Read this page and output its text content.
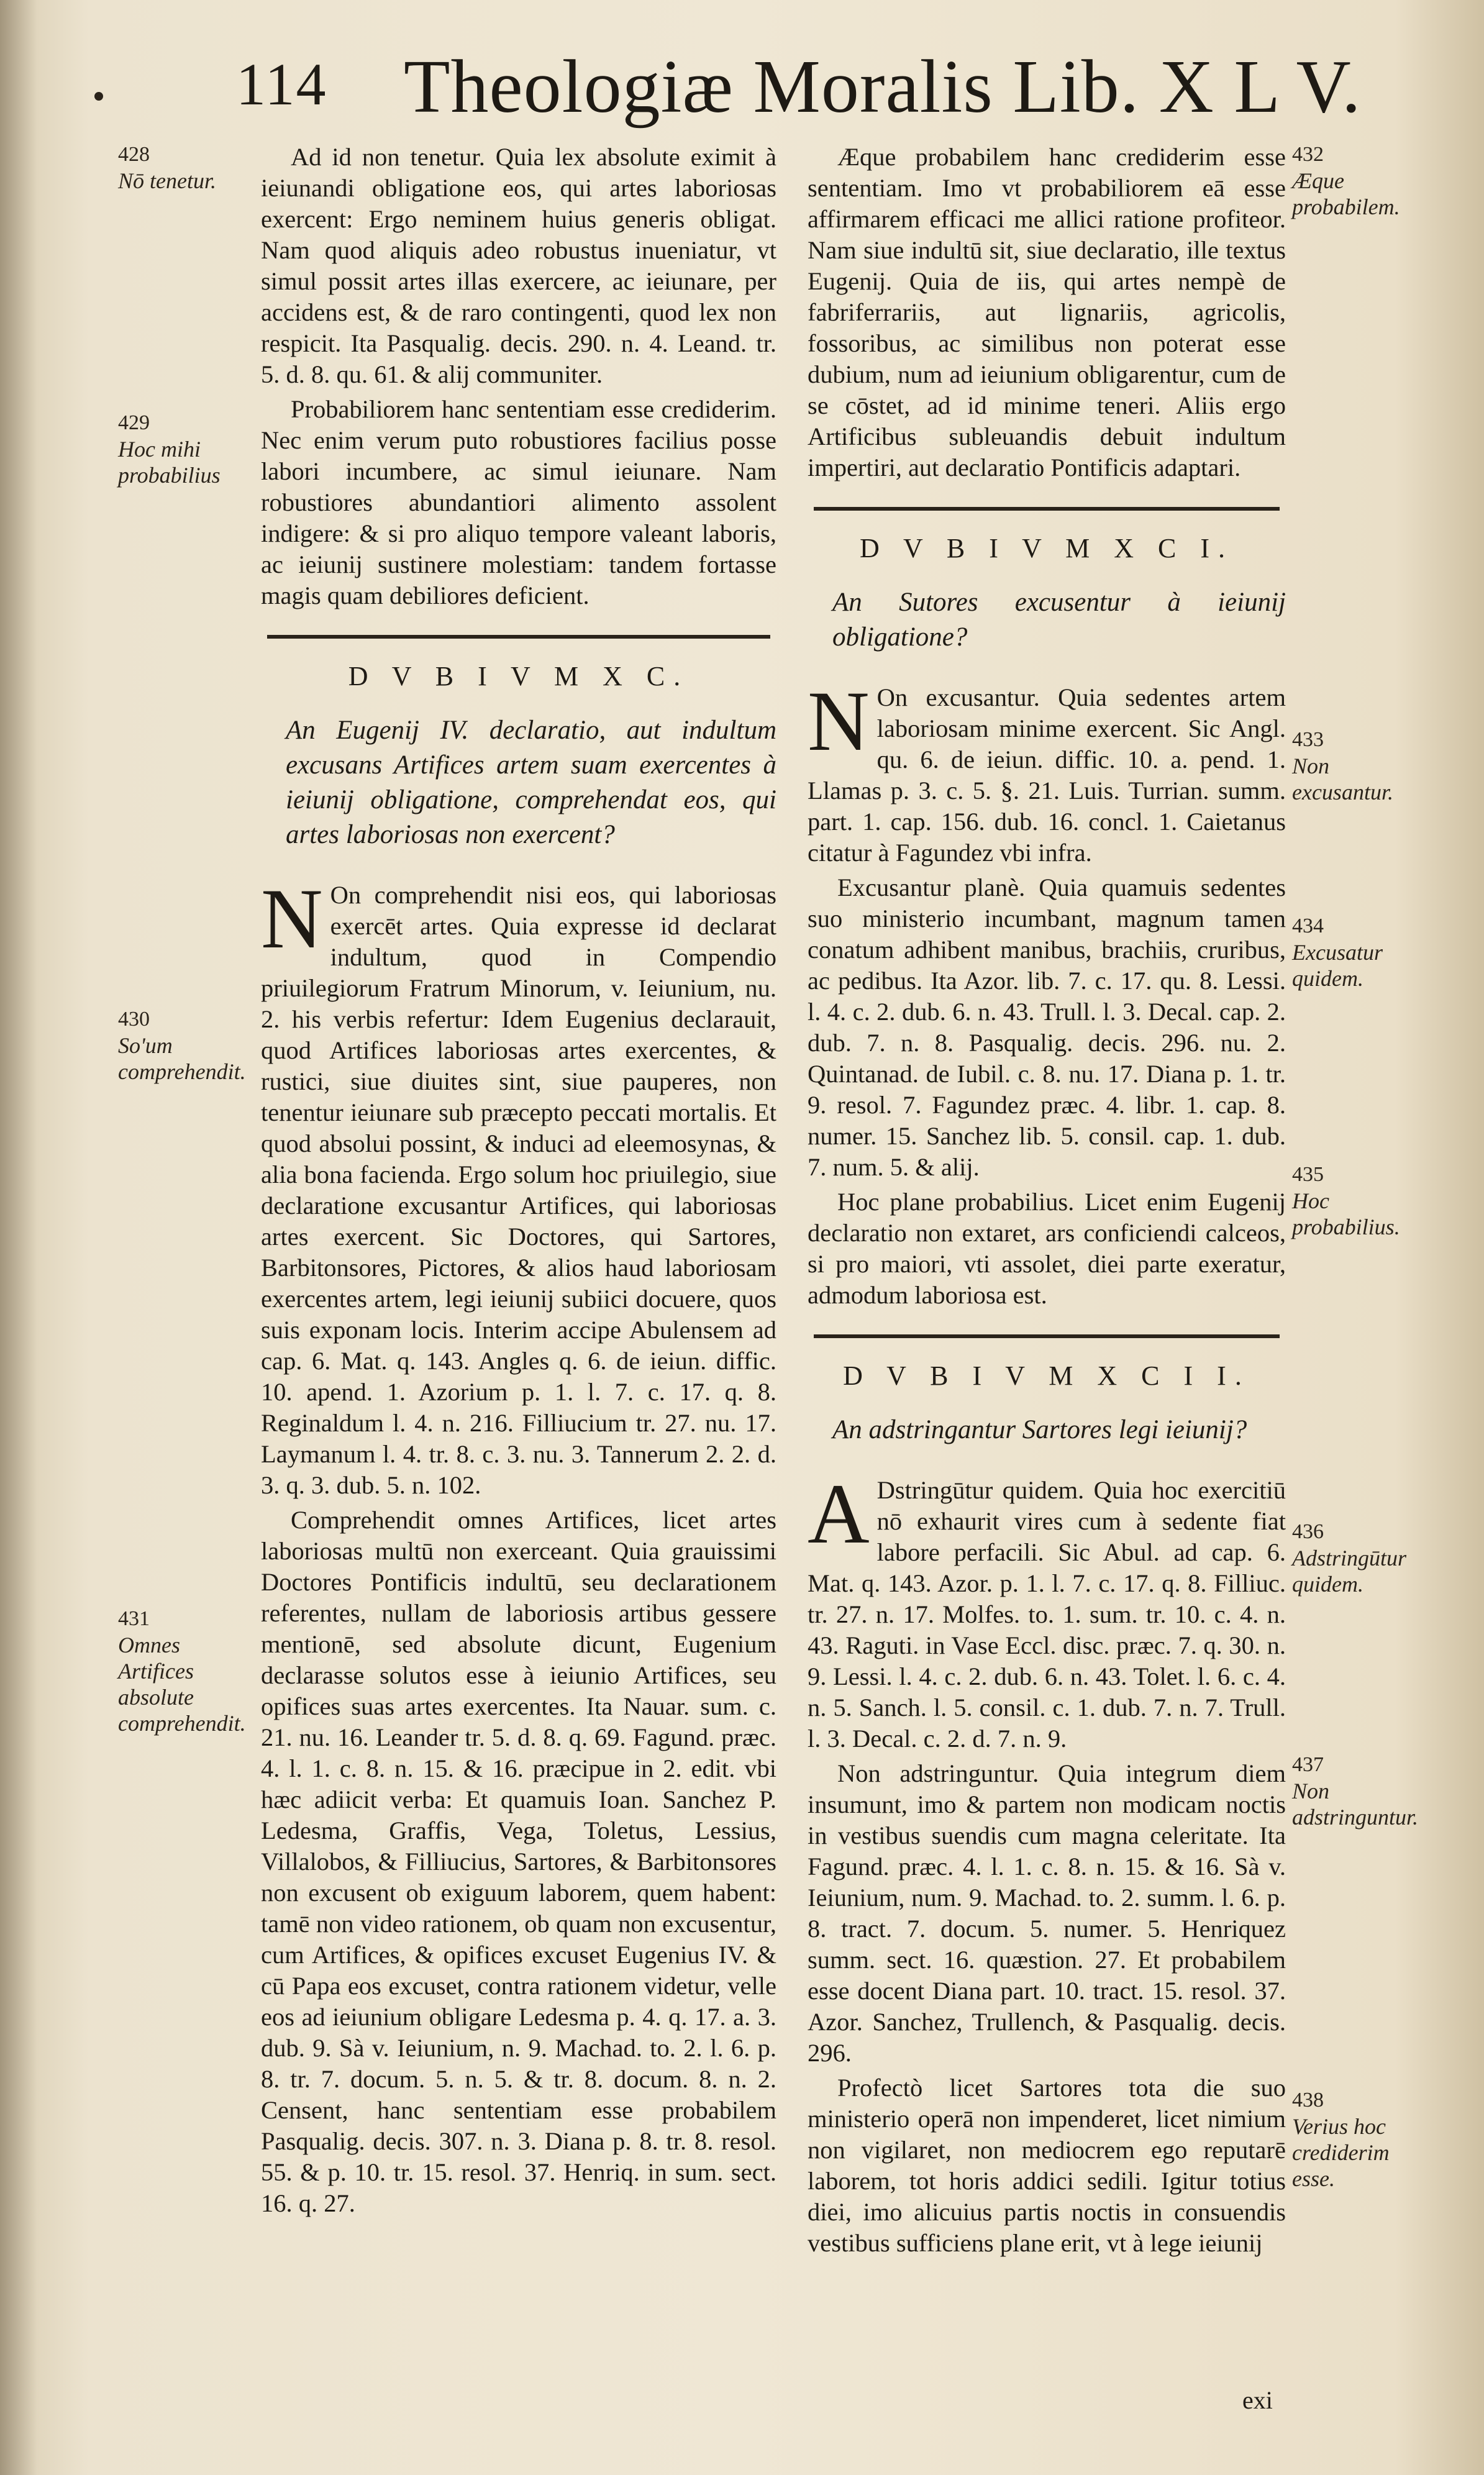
114 Theologiæ Moralis Lib. X L V.

Ad id non tenetur. Quia lex absolute eximit à ieiunandi obligatione eos, qui artes laboriosas exercent: Ergo neminem huius generis obligat. Nam quod aliquis adeo robustus inueniatur, vt simul possit artes illas exercere, ac ieiunare, per accidens est, & de raro contingenti, quod lex non respicit. Ita Pasqualig. decis. 290. n. 4. Leand. tr. 5. d. 8. qu. 61. & alij communiter.

Probabiliorem hanc sententiam esse crediderim. Nec enim verum puto robustiores facilius posse labori incumbere, ac simul ieiunare. Nam robustiores abundantiori alimento assolent indigere: & si pro aliquo tempore valeant laboris, ac ieiunij sustinere molestiam: tandem fortasse magis quam debiliores deficient.

D V B I V M X C.

An Eugenij IV. declaratio, aut indultum excusans Artifices artem suam exercentes à ieiunij obligatione, comprehendat eos, qui artes laboriosas non exercent?

N On comprehendit nisi eos, qui laboriosas exercēt artes. Quia expresse id declarat indultum, quod in Compendio priuilegiorum Fratrum Minorum, v. Ieiunium, nu. 2. his verbis refertur: Idem Eugenius declarauit, quod Artifices laboriosas artes exercentes, & rustici, siue diuites sint, siue pauperes, non tenentur ieiunare sub præcepto peccati mortalis. Et quod absolui possint, & induci ad eleemosynas, & alia bona facienda. Ergo solum hoc priuilegio, siue declaratione excusantur Artifices, qui laboriosas artes exercent. Sic Doctores, qui Sartores, Barbitonsores, Pictores, & alios haud laboriosam exercentes artem, legi ieiunij subiici docuere, quos suis exponam locis. Interim accipe Abulensem ad cap. 6. Mat. q. 143. Angles q. 6. de ieiun. diffic. 10. apend. 1. Azorium p. 1. l. 7. c. 17. q. 8. Reginaldum l. 4. n. 216. Filliucium tr. 27. nu. 17. Laymanum l. 4. tr. 8. c. 3. nu. 3. Tannerum 2. 2. d. 3. q. 3. dub. 5. n. 102.

Comprehendit omnes Artifices, licet artes laboriosas multū non exerceant. Quia grauissimi Doctores Pontificis indultū, seu declarationem referentes, nullam de laboriosis artibus gessere mentionē, sed absolute dicunt, Eugenium declarasse solutos esse à ieiunio Artifices, seu opifices suas artes exercentes. Ita Nauar. sum. c. 21. nu. 16. Leander tr. 5. d. 8. q. 69. Fagund. præc. 4. l. 1. c. 8. n. 15. & 16. præcipue in 2. edit. vbi hæc adiicit verba: Et quamuis Ioan. Sanchez P. Ledesma, Graffis, Vega, Toletus, Lessius, Villalobos, & Filliucius, Sartores, & Barbitonsores non excusent ob exiguum laborem, quem habent: tamē non video rationem, ob quam non excusentur, cum Artifices, & opifices excuset Eugenius IV. & cū Papa eos excuset, contra rationem videtur, velle eos ad ieiunium obligare Ledesma p. 4. q. 17. a. 3. dub. 9. Sà v. Ieiunium, n. 9. Machad. to. 2. l. 6. p. 8. tr. 7. docum. 5. n. 5. & tr. 8. docum. 8. n. 2. Censent, hanc sententiam esse probabilem Pasqualig. decis. 307. n. 3. Diana p. 8. tr. 8. resol. 55. & p. 10. tr. 15. resol. 37. Henriq. in sum. sect. 16. q. 27.

Æque probabilem hanc crediderim esse sententiam. Imo vt probabiliorem eā esse affirmarem efficaci me allici ratione profiteor. Nam siue indultū sit, siue declaratio, ille textus Eugenij. Quia de iis, qui artes nempè de fabriferrariis, aut lignariis, agricolis, fossoribus, ac similibus non poterat esse dubium, num ad ieiunium obligarentur, cum de se cōstet, ad id minime teneri. Aliis ergo Artificibus subleuandis debuit indultum impertiri, aut declaratio Pontificis adaptari.

D V B I V M X C I.

An Sutores excusentur à ieiunij obligatione?

N On excusantur. Quia sedentes artem laboriosam minime exercent. Sic Angl. qu. 6. de ieiun. diffic. 10. a. pend. 1. Llamas p. 3. c. 5. §. 21. Luis. Turrian. summ. part. 1. cap. 156. dub. 16. concl. 1. Caietanus citatur à Fagundez vbi infra.

Excusantur planè. Quia quamuis sedentes suo ministerio incumbant, magnum tamen conatum adhibent manibus, brachiis, cruribus, ac pedibus. Ita Azor. lib. 7. c. 17. qu. 8. Lessi. l. 4. c. 2. dub. 6. n. 43. Trull. l. 3. Decal. cap. 2. dub. 7. n. 8. Pasqualig. decis. 296. nu. 2. Quintanad. de Iubil. c. 8. nu. 17. Diana p. 1. tr. 9. resol. 7. Fagundez præc. 4. libr. 1. cap. 8. numer. 15. Sanchez lib. 5. consil. cap. 1. dub. 7. num. 5. & alij.

Hoc plane probabilius. Licet enim Eugenij declaratio non extaret, ars conficiendi calceos, si pro maiori, vti assolet, diei parte exeratur, admodum laboriosa est.

D V B I V M X C I I.

An adstringantur Sartores legi ieiunij?

A Dstringūtur quidem. Quia hoc exercitiū nō exhaurit vires cum à sedente fiat labore perfacili. Sic Abul. ad cap. 6. Mat. q. 143. Azor. p. 1. l. 7. c. 17. q. 8. Filliuc. tr. 27. n. 17. Molfes. to. 1. sum. tr. 10. c. 4. n. 43. Raguti. in Vase Eccl. disc. præc. 7. q. 30. n. 9. Lessi. l. 4. c. 2. dub. 6. n. 43. Tolet. l. 6. c. 4. n. 5. Sanch. l. 5. consil. c. 1. dub. 7. n. 7. Trull. l. 3. Decal. c. 2. d. 7. n. 9.

Non adstringuntur. Quia integrum diem insumunt, imo & partem non modicam noctis in vestibus suendis cum magna celeritate. Ita Fagund. præc. 4. l. 1. c. 8. n. 15. & 16. Sà v. Ieiunium, num. 9. Machad. to. 2. summ. l. 6. p. 8. tract. 7. docum. 5. numer. 5. Henriquez summ. sect. 16. quæstion. 27. Et probabilem esse docent Diana part. 10. tract. 15. resol. 37. Azor. Sanchez, Trullench, & Pasqualig. decis. 296.

Profectò licet Sartores tota die suo ministerio operā non impenderet, licet nimium non vigilaret, non mediocrem ego reputarē laborem, tot horis addici sedili. Igitur totius diei, imo alicuius partis noctis in consuendis vestibus sufficiens plane erit, vt à lege ieiunij

428
Nō tenetur.
429
Hoc mihi probabilius
430
So'um comprehendit.
431
Omnes Artifices absolute comprehendit.
432
Æque probabilem.
433
Non excusantur.
434
Excusatur quidem.
435
Hoc probabilius.
436
Adstringūtur quidem.
437
Non adstringuntur.
438
Verius hoc crediderim esse.
exi
